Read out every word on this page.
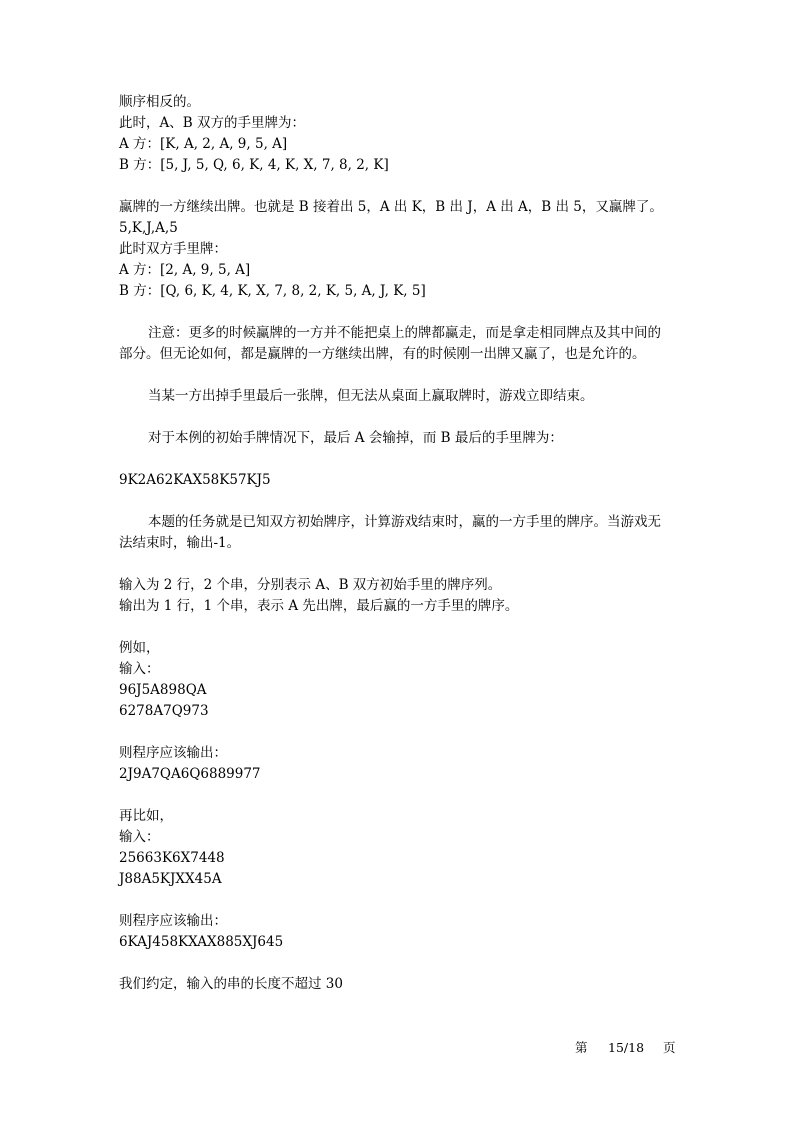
顺序相反的。
此时，A、B 双方的手里牌为：
A 方：[K, A, 2, A, 9, 5, A]
B 方：[5, J, 5, Q, 6, K, 4, K, X, 7, 8, 2, K]
赢牌的一方继续出牌。也就是 B 接着出 5，A 出 K，B 出 J，A 出 A，B 出 5，又赢牌了。
5,K,J,A,5
此时双方手里牌：
A 方：[2, A, 9, 5, A]
B 方：[Q, 6, K, 4, K, X, 7, 8, 2, K, 5, A, J, K, 5]
注意：更多的时候赢牌的一方并不能把桌上的牌都赢走，而是拿走相同牌点及其中间的
部分。但无论如何，都是赢牌的一方继续出牌，有的时候刚一出牌又赢了，也是允许的。
当某一方出掉手里最后一张牌，但无法从桌面上赢取牌时，游戏立即结束。
对于本例的初始手牌情况下，最后 A 会输掉，而 B 最后的手里牌为：
9K2A62KAX58K57KJ5
本题的任务就是已知双方初始牌序，计算游戏结束时，赢的一方手里的牌序。当游戏无
法结束时，输出-1。
输入为 2 行，2 个串，分别表示 A、B 双方初始手里的牌序列。
输出为 1 行，1 个串，表示 A 先出牌，最后赢的一方手里的牌序。
例如，
输入：
96J5A898QA
6278A7Q973
则程序应该输出：
2J9A7QA6Q6889977
再比如，
输入：
25663K6X7448
J88A5KJXX45A
则程序应该输出：
6KAJ458KXAX885XJ645
我们约定，输入的串的长度不超过 30
第 15/18 页
